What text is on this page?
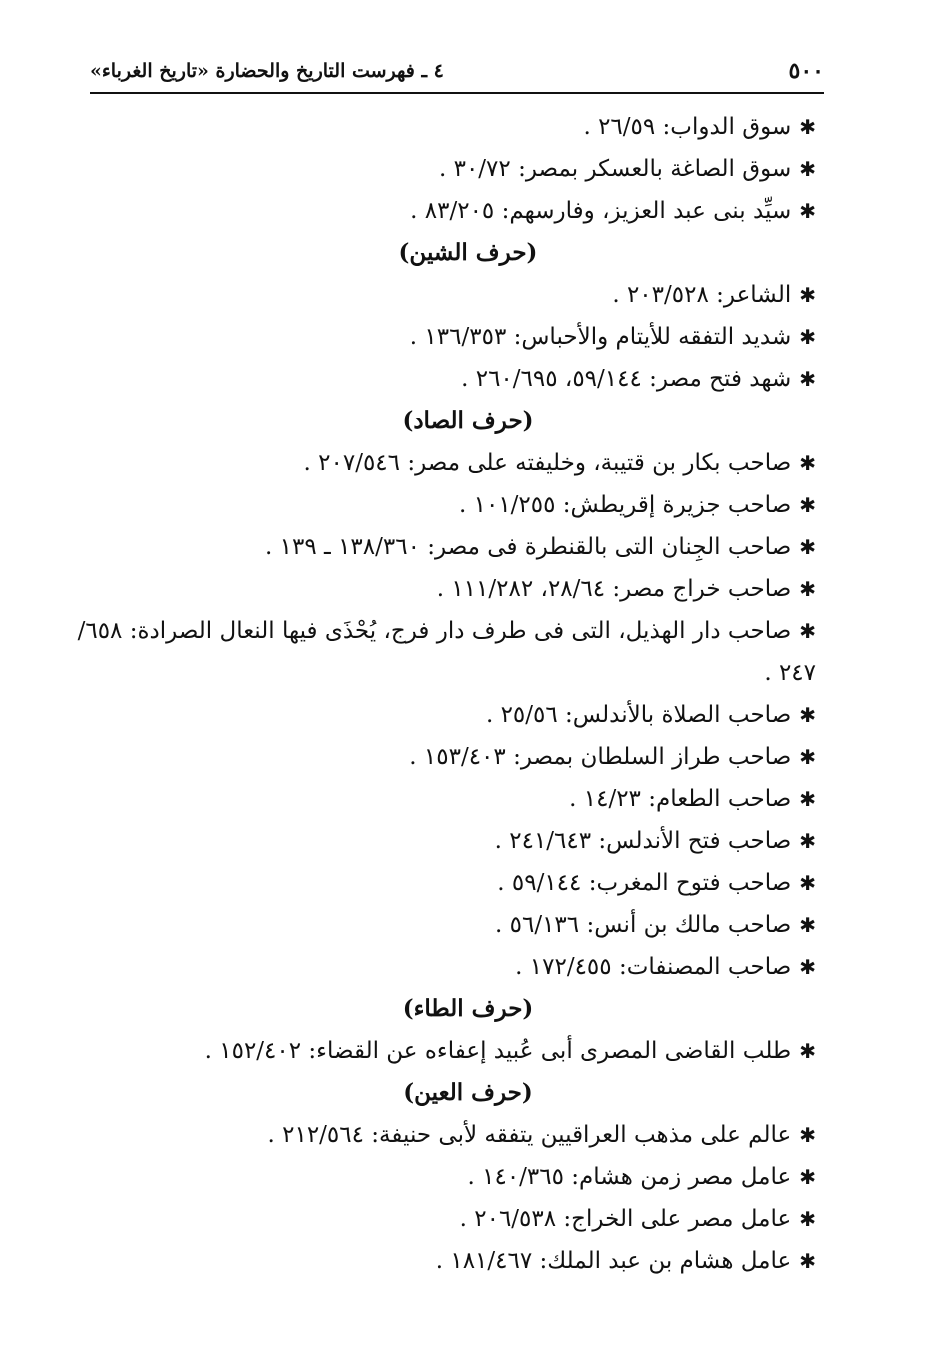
٥٠٠
٤ ـ فهرست التاريخ والحضارة «تاريخ الغرباء»
✱سوق الدواب: ٢٦/٥٩ .
✱سوق الصاغة بالعسكر بمصر: ٣٠/٧٢ .
✱سيِّد بنى عبد العزيز، وفارسهم: ٨٣/٢٠٥ .
(حرف الشين)
✱الشاعر: ٢٠٣/٥٢٨ .
✱شديد التفقه للأيتام والأحباس: ١٣٦/٣٥٣ .
✱شهد فتح مصر: ٥٩/١٤٤، ٢٦٠/٦٩٥ .
(حرف الصاد)
✱صاحب بكار بن قتيبة، وخليفته على مصر: ٢٠٧/٥٤٦ .
✱صاحب جزيرة إقريطش: ١٠١/٢٥٥ .
✱صاحب الجِنان التى بالقنطرة فى مصر: ١٣٨/٣٦٠ ـ ١٣٩ .
✱صاحب خراج مصر: ٢٨/٦٤، ١١١/٢٨٢ .
✱صاحب دار الهذيل، التى فى طرف دار فرج، يُحْذَى فيها النعال الصرادة: ٦٥٨/
٢٤٧ .
✱صاحب الصلاة بالأندلس: ٢٥/٥٦ .
✱صاحب طراز السلطان بمصر: ١٥٣/٤٠٣ .
✱صاحب الطعام: ١٤/٢٣ .
✱صاحب فتح الأندلس: ٢٤١/٦٤٣ .
✱صاحب فتوح المغرب: ٥٩/١٤٤ .
✱صاحب مالك بن أنس: ٥٦/١٣٦ .
✱صاحب المصنفات: ١٧٢/٤٥٥ .
(حرف الطاء)
✱طلب القاضى المصرى أبى عُبيد إعفاءه عن القضاء: ١٥٢/٤٠٢ .
(حرف العين)
✱عالم على مذهب العراقيين يتفقه لأبى حنيفة: ٢١٢/٥٦٤ .
✱عامل مصر زمن هشام: ١٤٠/٣٦٥ .
✱عامل مصر على الخراج: ٢٠٦/٥٣٨ .
✱عامل هشام بن عبد الملك: ١٨١/٤٦٧ .
